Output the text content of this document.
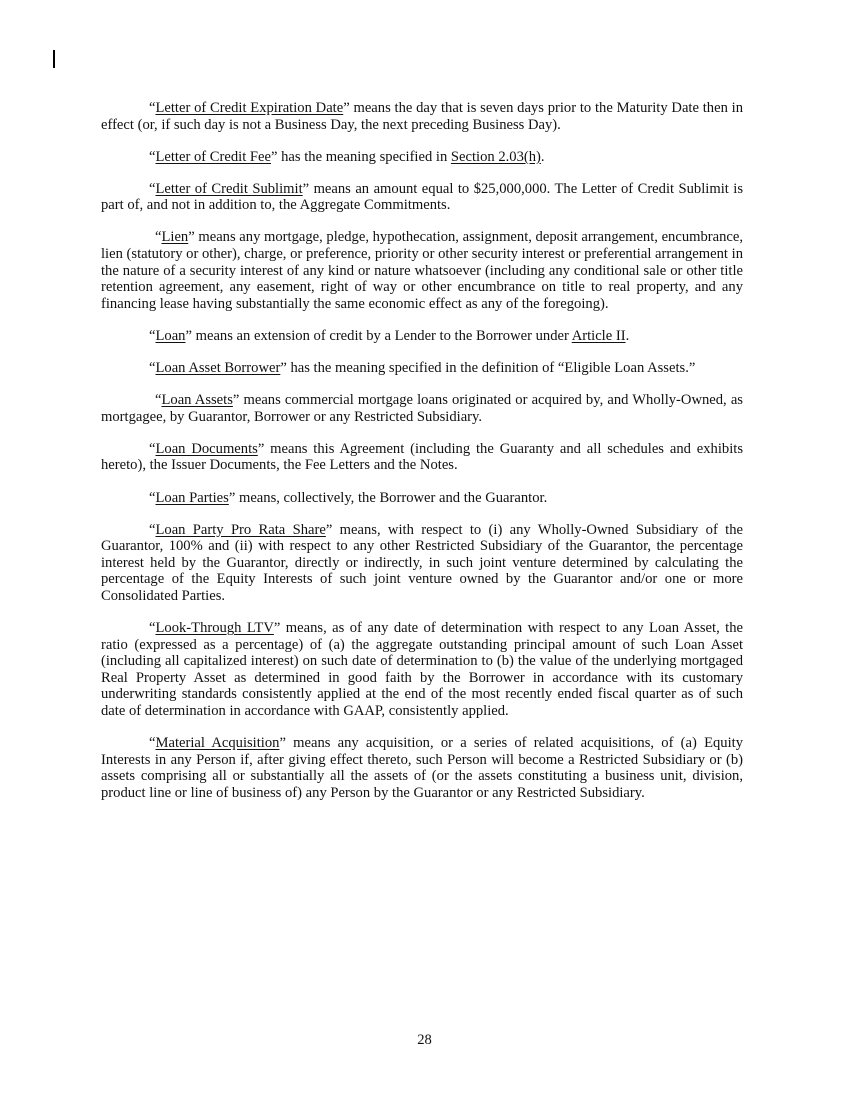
“Letter of Credit Expiration Date” means the day that is seven days prior to the Maturity Date then in effect (or, if such day is not a Business Day, the next preceding Business Day).

“Letter of Credit Fee” has the meaning specified in Section 2.03(h).

“Letter of Credit Sublimit” means an amount equal to $25,000,000. The Letter of Credit Sublimit is part of, and not in addition to, the Aggregate Commitments.

“Lien” means any mortgage, pledge, hypothecation, assignment, deposit arrangement, encumbrance, lien (statutory or other), charge, or preference, priority or other security interest or preferential arrangement in the nature of a security interest of any kind or nature whatsoever (including any conditional sale or other title retention agreement, any easement, right of way or other encumbrance on title to real property, and any financing lease having substantially the same economic effect as any of the foregoing).

“Loan” means an extension of credit by a Lender to the Borrower under Article II.

“Loan Asset Borrower” has the meaning specified in the definition of “Eligible Loan Assets.”

“Loan Assets” means commercial mortgage loans originated or acquired by, and Wholly-Owned, as mortgagee, by Guarantor, Borrower or any Restricted Subsidiary.

“Loan Documents” means this Agreement (including the Guaranty and all schedules and exhibits hereto), the Issuer Documents, the Fee Letters and the Notes.

“Loan Parties” means, collectively, the Borrower and the Guarantor.

“Loan Party Pro Rata Share” means, with respect to (i) any Wholly-Owned Subsidiary of the Guarantor, 100% and (ii) with respect to any other Restricted Subsidiary of the Guarantor, the percentage interest held by the Guarantor, directly or indirectly, in such joint venture determined by calculating the percentage of the Equity Interests of such joint venture owned by the Guarantor and/or one or more Consolidated Parties.

“Look-Through LTV” means, as of any date of determination with respect to any Loan Asset, the ratio (expressed as a percentage) of (a) the aggregate outstanding principal amount of such Loan Asset (including all capitalized interest) on such date of determination to (b) the value of the underlying mortgaged Real Property Asset as determined in good faith by the Borrower in accordance with its customary underwriting standards consistently applied at the end of the most recently ended fiscal quarter as of such date of determination in accordance with GAAP, consistently applied.

“Material Acquisition” means any acquisition, or a series of related acquisitions, of (a) Equity Interests in any Person if, after giving effect thereto, such Person will become a Restricted Subsidiary or (b) assets comprising all or substantially all the assets of (or the assets constituting a business unit, division, product line or line of business of) any Person by the Guarantor or any Restricted Subsidiary.

28
